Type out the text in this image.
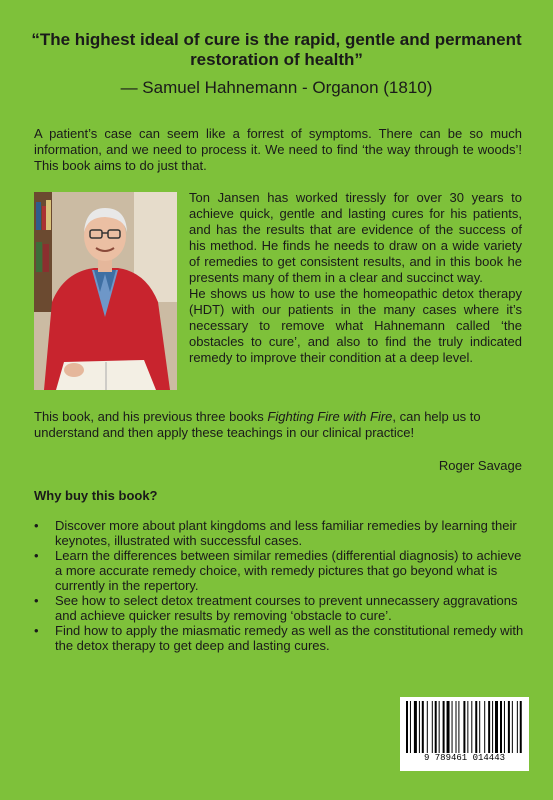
“The highest ideal of cure is the rapid, gentle and permanent restoration of health”
— Samuel Hahnemann - Organon (1810)
A patient’s case can seem like a forrest of symptoms. There can be so much information, and we need to process it. We need to find ‘the way through te woods’! This book aims to do just that.

Ton Jansen has worked tiressly for over 30 years to achieve quick, gentle and lasting cures for his patients, and has the results that are evidence of the success of his method. He finds he needs to draw on a wide variety of remedies to get consistent results, and in this book he presents many of them in a clear and succinct way.

He shows us how to use the homeopathic detox therapy (HDT) with our patients in the many cases where it’s necessary to remove what Hahnemann called ‘the obstacles to cure’, and also to find the truly indicated remedy to improve their condition at a deep level.

This book, and his previous three books Fighting Fire with Fire, can help us to understand and then apply these teachings in our clinical practice!
Roger Savage
Why buy this book?
• Discover more about plant kingdoms and less familiar remedies by learning their keynotes, illustrated with successful cases.
• Learn the differences between similar remedies (differential diagnosis) to achieve a more accurate remedy choice, with remedy pictures that go beyond what is currently in the repertory.
• See how to select detox treatment courses to prevent unnecassery aggravations and achieve quicker results by removing ‘obstacle to cure’.
• Find how to apply the miasmatic remedy as well as the constitutional remedy with the detox therapy to get deep and lasting cures.
9 789461 014443
